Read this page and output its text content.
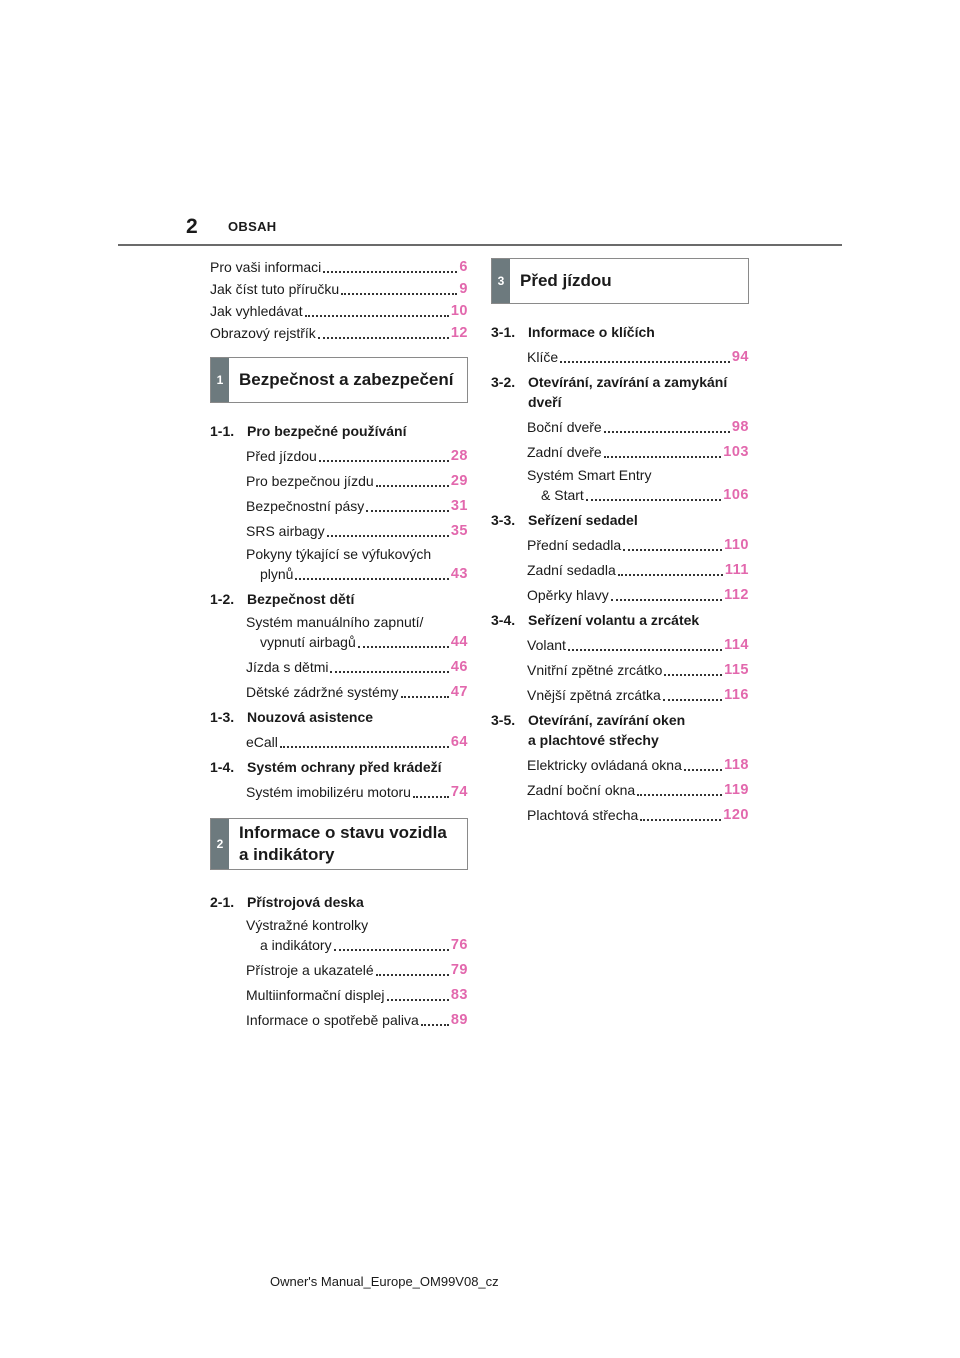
2 OBSAH
Pro vaši informaci	6
Jak číst tuto příručku	9
Jak vyhledávat	10
Obrazový rejstřík	12
1 Bezpečnost a zabezpečení
1-1. Pro bezpečné používání
Před jízdou	28
Pro bezpečnou jízdu	29
Bezpečnostní pásy	31
SRS airbagy	35
Pokyny týkající se výfukových
plynů	43
1-2. Bezpečnost dětí
Systém manuálního zapnutí/
vypnutí airbagů	44
Jízda s dětmi	46
Dětské zádržné systémy	47
1-3. Nouzová asistence
eCall	64
1-4. Systém ochrany před krádeží
Systém imobilizéru motoru	74
2
Informace o stavu vozidla
a indikátory
2-1. Přístrojová deska
Výstražné kontrolky
a indikátory	76
Přístroje a ukazatelé	79
Multiinformační displej	83
Informace o spotřebě paliva 89
3 Před jízdou
3-1. Informace o klíčích
Klíče	94
3-2. Otevírání, zavírání a zamykání
dveří
Boční dveře	98
Zadní dveře	103
Systém Smart Entry
& Start	106
3-3. Seřízení sedadel
Přední sedadla	110
Zadní sedadla	111
Opěrky hlavy	112
3-4. Seřízení volantu a zrcátek
Volant	114
Vnitřní zpětné zrcátko	115
Vnější zpětná zrcátka	116
3-5. Otevírání, zavírání oken
a plachtové střechy
Elektricky ovládaná okna	118
Zadní boční okna	119
Plachtová střecha	120
Owner's Manual_Europe_OM99V08_cz
